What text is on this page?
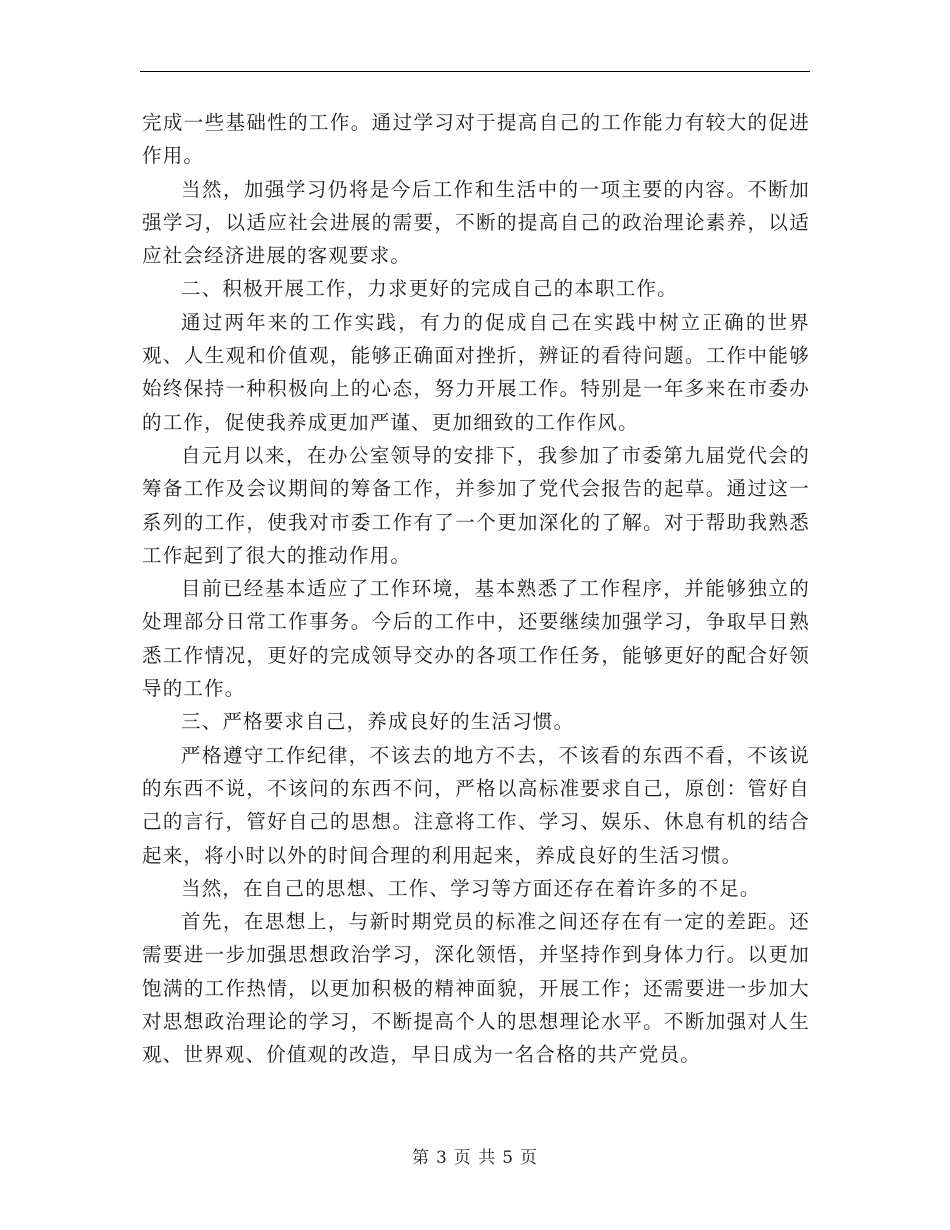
完成一些基础性的工作。通过学习对于提高自己的工作能力有较大的促进作用。

当然，加强学习仍将是今后工作和生活中的一项主要的内容。不断加强学习，以适应社会进展的需要，不断的提高自己的政治理论素养，以适应社会经济进展的客观要求。

二、积极开展工作，力求更好的完成自己的本职工作。

通过两年来的工作实践，有力的促成自己在实践中树立正确的世界观、人生观和价值观，能够正确面对挫折，辨证的看待问题。工作中能够始终保持一种积极向上的心态，努力开展工作。特别是一年多来在市委办的工作，促使我养成更加严谨、更加细致的工作作风。

自元月以来，在办公室领导的安排下，我参加了市委第九届党代会的筹备工作及会议期间的筹备工作，并参加了党代会报告的起草。通过这一系列的工作，使我对市委工作有了一个更加深化的了解。对于帮助我熟悉工作起到了很大的推动作用。

目前已经基本适应了工作环境，基本熟悉了工作程序，并能够独立的处理部分日常工作事务。今后的工作中，还要继续加强学习，争取早日熟悉工作情况，更好的完成领导交办的各项工作任务，能够更好的配合好领导的工作。

三、严格要求自己，养成良好的生活习惯。

严格遵守工作纪律，不该去的地方不去，不该看的东西不看，不该说的东西不说，不该问的东西不问，严格以高标准要求自己，原创：管好自己的言行，管好自己的思想。注意将工作、学习、娱乐、休息有机的结合起来，将小时以外的时间合理的利用起来，养成良好的生活习惯。

当然，在自己的思想、工作、学习等方面还存在着许多的不足。

首先，在思想上，与新时期党员的标准之间还存在有一定的差距。还需要进一步加强思想政治学习，深化领悟，并坚持作到身体力行。以更加饱满的工作热情，以更加积极的精神面貌，开展工作；还需要进一步加大对思想政治理论的学习，不断提高个人的思想理论水平。不断加强对人生观、世界观、价值观的改造，早日成为一名合格的共产党员。

第 3 页 共 5 页
